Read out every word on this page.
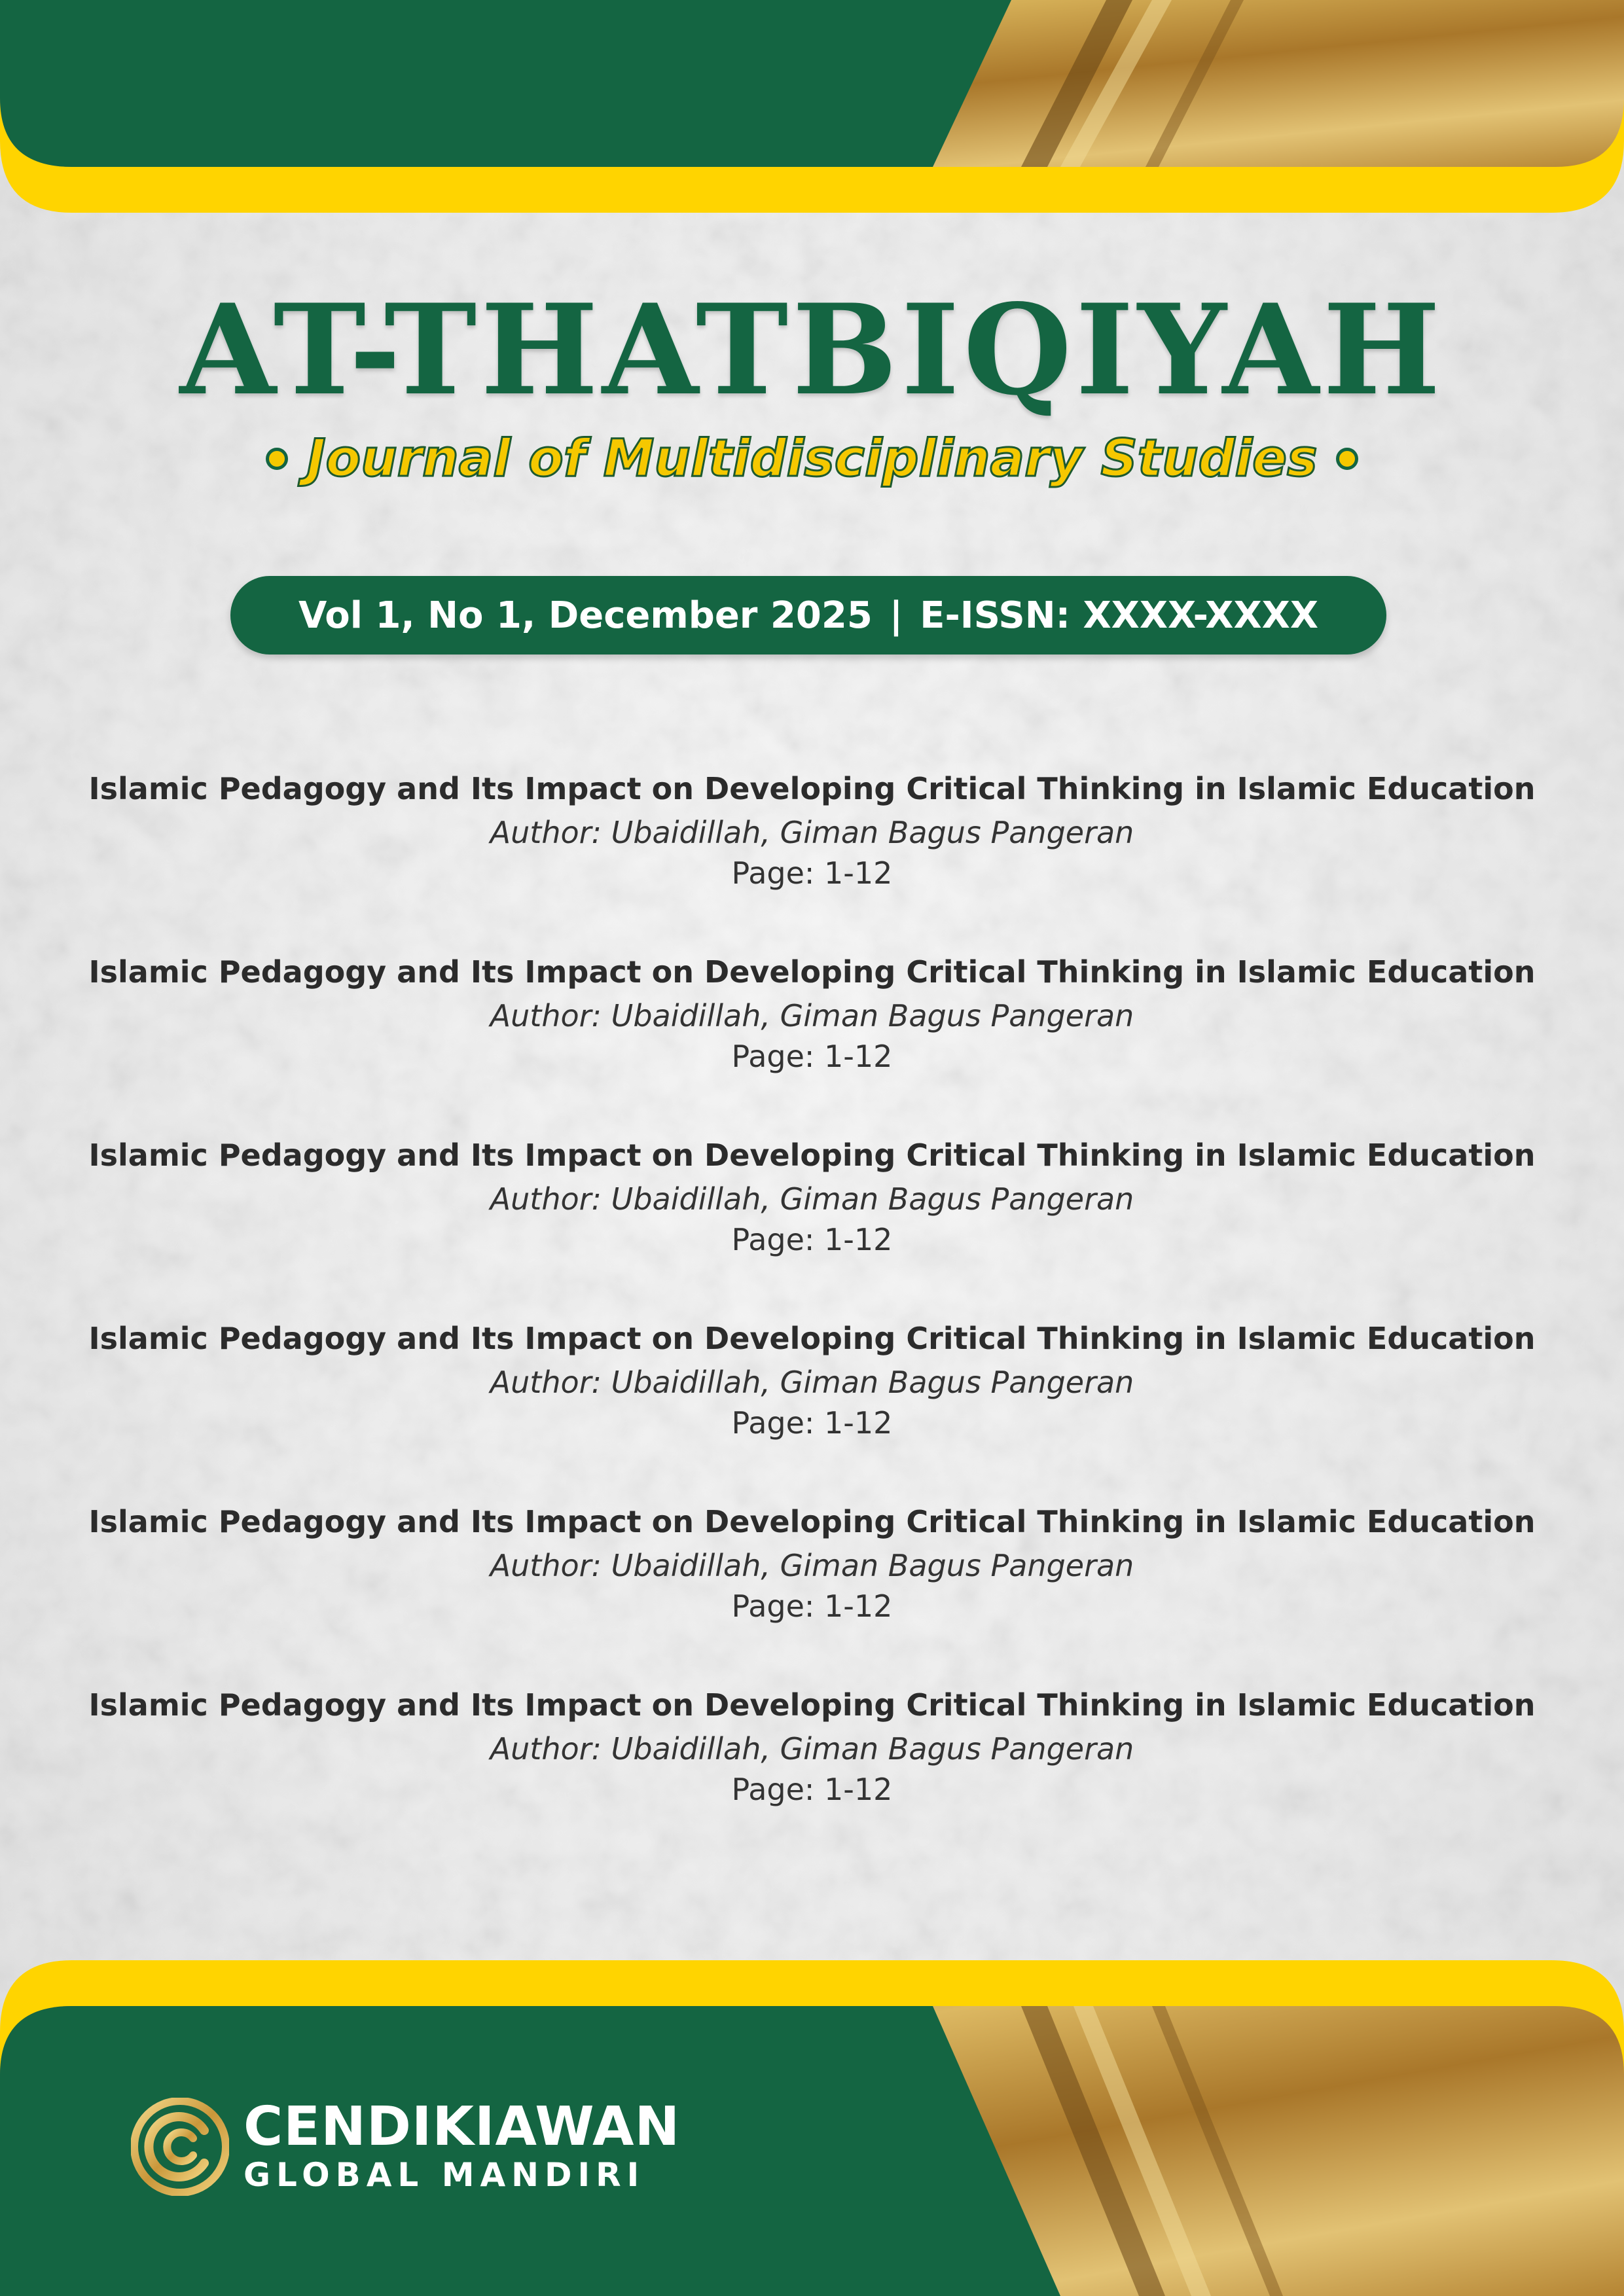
AT-THATBIQIYAH
Journal of Multidisciplinary Studies
Vol 1, No 1, December 2025 | E-ISSN: XXXX-XXXX
Islamic Pedagogy and Its Impact on Developing Critical Thinking in Islamic Education
Author: Ubaidillah, Giman Bagus Pangeran
Page: 1-12
Islamic Pedagogy and Its Impact on Developing Critical Thinking in Islamic Education
Author: Ubaidillah, Giman Bagus Pangeran
Page: 1-12
Islamic Pedagogy and Its Impact on Developing Critical Thinking in Islamic Education
Author: Ubaidillah, Giman Bagus Pangeran
Page: 1-12
Islamic Pedagogy and Its Impact on Developing Critical Thinking in Islamic Education
Author: Ubaidillah, Giman Bagus Pangeran
Page: 1-12
Islamic Pedagogy and Its Impact on Developing Critical Thinking in Islamic Education
Author: Ubaidillah, Giman Bagus Pangeran
Page: 1-12
Islamic Pedagogy and Its Impact on Developing Critical Thinking in Islamic Education
Author: Ubaidillah, Giman Bagus Pangeran
Page: 1-12
CENDIKIAWAN
GLOBAL MANDIRI
